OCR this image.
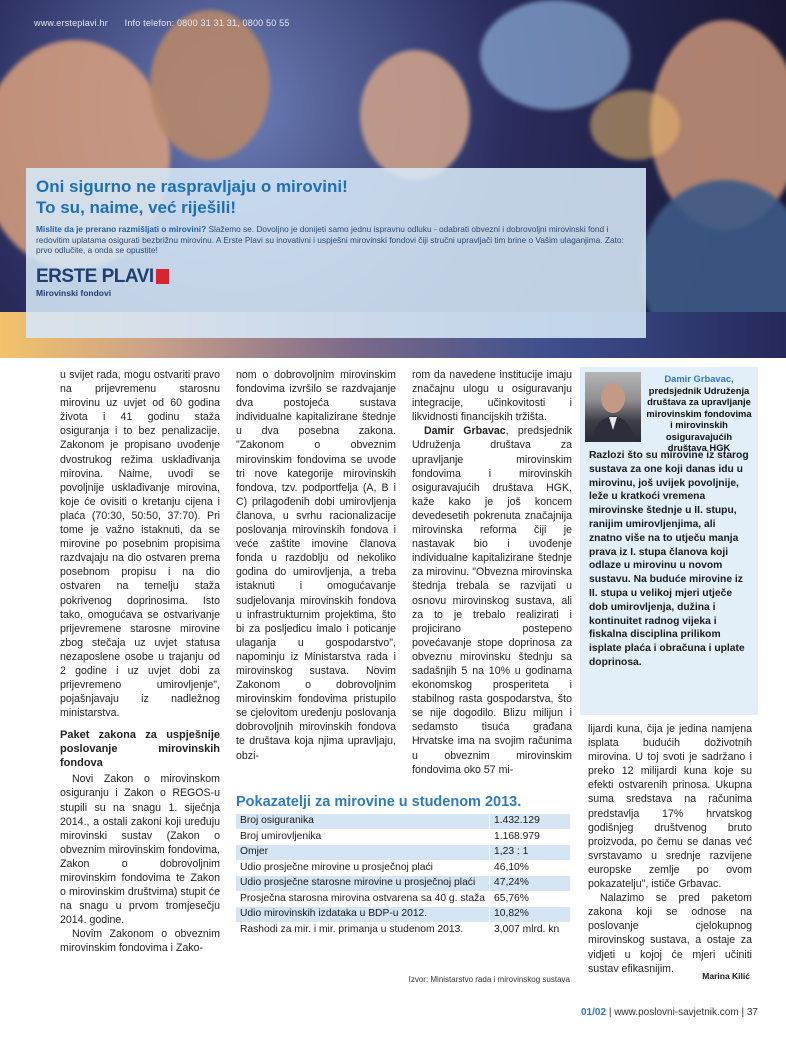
www.ersteplavi.hr Info telefon: 0800 31 31 31, 0800 50 55
Oni sigurno ne raspravljaju o mirovini!
To su, naime, već riješili!
Mislite da je prerano razmišljati o mirovini? Slažemo se. Dovoljno je donijeti samo jednu ispravnu odluku - odabrati obvezni i dobrovoljni mirovinski fond i redovitim uplatama osigurati bezbrižnu mirovinu. A Erste Plavi su inovativni i uspješni mirovinski fondovi čiji stručni upravljači tim brine o Vašim ulaganjima. Zato: prvo odlučite, a onda se opustite!
ERSTE PLAVI
Mirovinski fondovi

u svijet rada, mogu ostvariti pravo na prijevremenu starosnu mirovinu uz uvjet od 60 godina života i 41 godinu staža osiguranja i to bez penalizacije. Zakonom je propisano uvođenje dvostrukog režima usklađivanja mirovina. Naime, uvodi se povoljnije usklađivanje mirovina, koje će ovisiti o kretanju cijena i plaća (70:30, 50:50, 37:70). Pri tome je važno istaknuti, da se mirovine po posebnim propisima razdvajaju na dio ostvaren prema posebnom propisu i na dio ostvaren na temelju staža pokrivenog doprinosima. Isto tako, omogućava se ostvarivanje prijevremene starosne mirovine zbog stečaja uz uvjet statusa nezaposlene osobe u trajanju od 2 godine i uz uvjet dobi za prijevremeno umirovljenje", pojašnjavaju iz nadležnog ministarstva.

Paket zakona za uspješnije poslovanje mirovinskih fondova

Novi Zakon o mirovinskom osiguranju i Zakon o REGOS-u stupili su na snagu 1. siječnja 2014., a ostali zakoni koji uređuju mirovinski sustav (Zakon o obveznim mirovinskim fondovima, Zakon o dobrovoljnim mirovinskim fondovima te Zakon o mirovinskim društvima) stupit će na snagu u prvom tromjesečju 2014. godine.

Novim Zakonom o obveznim mirovinskim fondovima i Zako-

nom o dobrovoljnim mirovinskim fondovima izvršilo se razdvajanje dva postojeća sustava individualne kapitalizirane štednje u dva posebna zakona. "Zakonom o obveznim mirovinskim fondovima se uvode tri nove kategorije mirovinskih fondova, tzv. podportfelja (A, B i C) prilagođenih dobi umirovljenja članova, u svrhu racionalizacije poslovanja mirovinskih fondova i veće zaštite imovine članova fonda u razdoblju od nekoliko godina do umirovljenja, a treba istaknuti i omogućavanje sudjelovanja mirovinskih fondova u infrastrukturnim projektima, što bi za posljedicu imalo i poticanje ulaganja u gospodarstvo", napominju iz Ministarstva rada i mirovinskog sustava. Novim Zakonom o dobrovoljnim mirovinskim fondovima pristupilo se cjelovitom uređenju poslovanja dobrovoljnih mirovinskih fondova te društava koja njima upravljaju, obzi-

rom da navedene institucije imaju značajnu ulogu u osiguravanju integracije, učinkovitosti i likvidnosti financijskih tržišta.

Damir Grbavac, predsjednik Udruženja društava za upravljanje mirovinskim fondovima i mirovinskih osiguravajućih društava HGK, kaže kako je još koncem devedesetih pokrenuta značajnija mirovinska reforma čiji je nastavak bio i uvođenje individualne kapitalizirane štednje za mirovinu. "Obvezna mirovinska štednja trebala se razvijati u osnovu mirovinskog sustava, ali za to je trebalo realizirati i projicirano postepeno povećavanje stope doprinosa za obveznu mirovinsku štednju sa sadašnjih 5 na 10% u godinama ekonomskog prosperiteta i stabilnog rasta gospodarstva, što se nije dogodilo. Blizu milijun i sedamsto tisuća građana Hrvatske ima na svojim računima u obveznim mirovinskim fondovima oko 57 mi-

Damir Grbavac,
predsjednik Udruženja društava za upravljanje mirovinskim fondovima i mirovinskih osiguravajućih društava HGK
Razlozi što su mirovine iz starog sustava za one koji danas idu u mirovinu, još uvijek povoljnije, leže u kratkoći vremena mirovinske štednje u II. stupu, ranijim umirovljenjima, ali znatno više na to utječu manja prava iz I. stupa članova koji odlaze u mirovinu u novom sustavu. Na buduće mirovine iz II. stupa u velikoj mjeri utječe dob umirovljenja, dužina i kontinuitet radnog vijeka i fiskalna disciplina prilikom isplate plaća i obračuna i uplate doprinosa.

lijardi kuna, čija je jedina namjena isplata budućih doživotnih mirovina. U toj svoti je sadržano i preko 12 milijardi kuna koje su efekti ostvarenih prinosa. Ukupna suma sredstava na računima predstavlja 17% hrvatskog godišnjeg društvenog bruto proizvoda, po čemu se danas već svrstavamo u srednje razvijene europske zemlje po ovom pokazatelju", ističe Grbavac.

Nalazimo se pred paketom zakona koji se odnose na poslovanje cjelokupnog mirovinskog sustava, a ostaje za vidjeti u kojoj će mjeri učiniti sustav efikasnijim.

Marina Kilić
Pokazatelji za mirovine u studenom 2013.
Broj osiguranika	1.432.129
Broj umirovljenika	1.168.979
Omjer	1,23 : 1
Udio prosječne mirovine u prosječnoj plaći	46,10%
Udio prosječne starosne mirovine u prosječnoj plaći	47,24%
Prosječna starosna mirovina ostvarena sa 40 g. staža	65,76%
Udio mirovinskih izdataka u BDP-u 2012.	10,82%
Rashodi za mir. i mir. primanja u studenom 2013.	3,007 mlrd. kn
Izvor: Ministarstvo rada i mirovinskog sustava
01/02 | www.poslovni-savjetnik.com | 37
